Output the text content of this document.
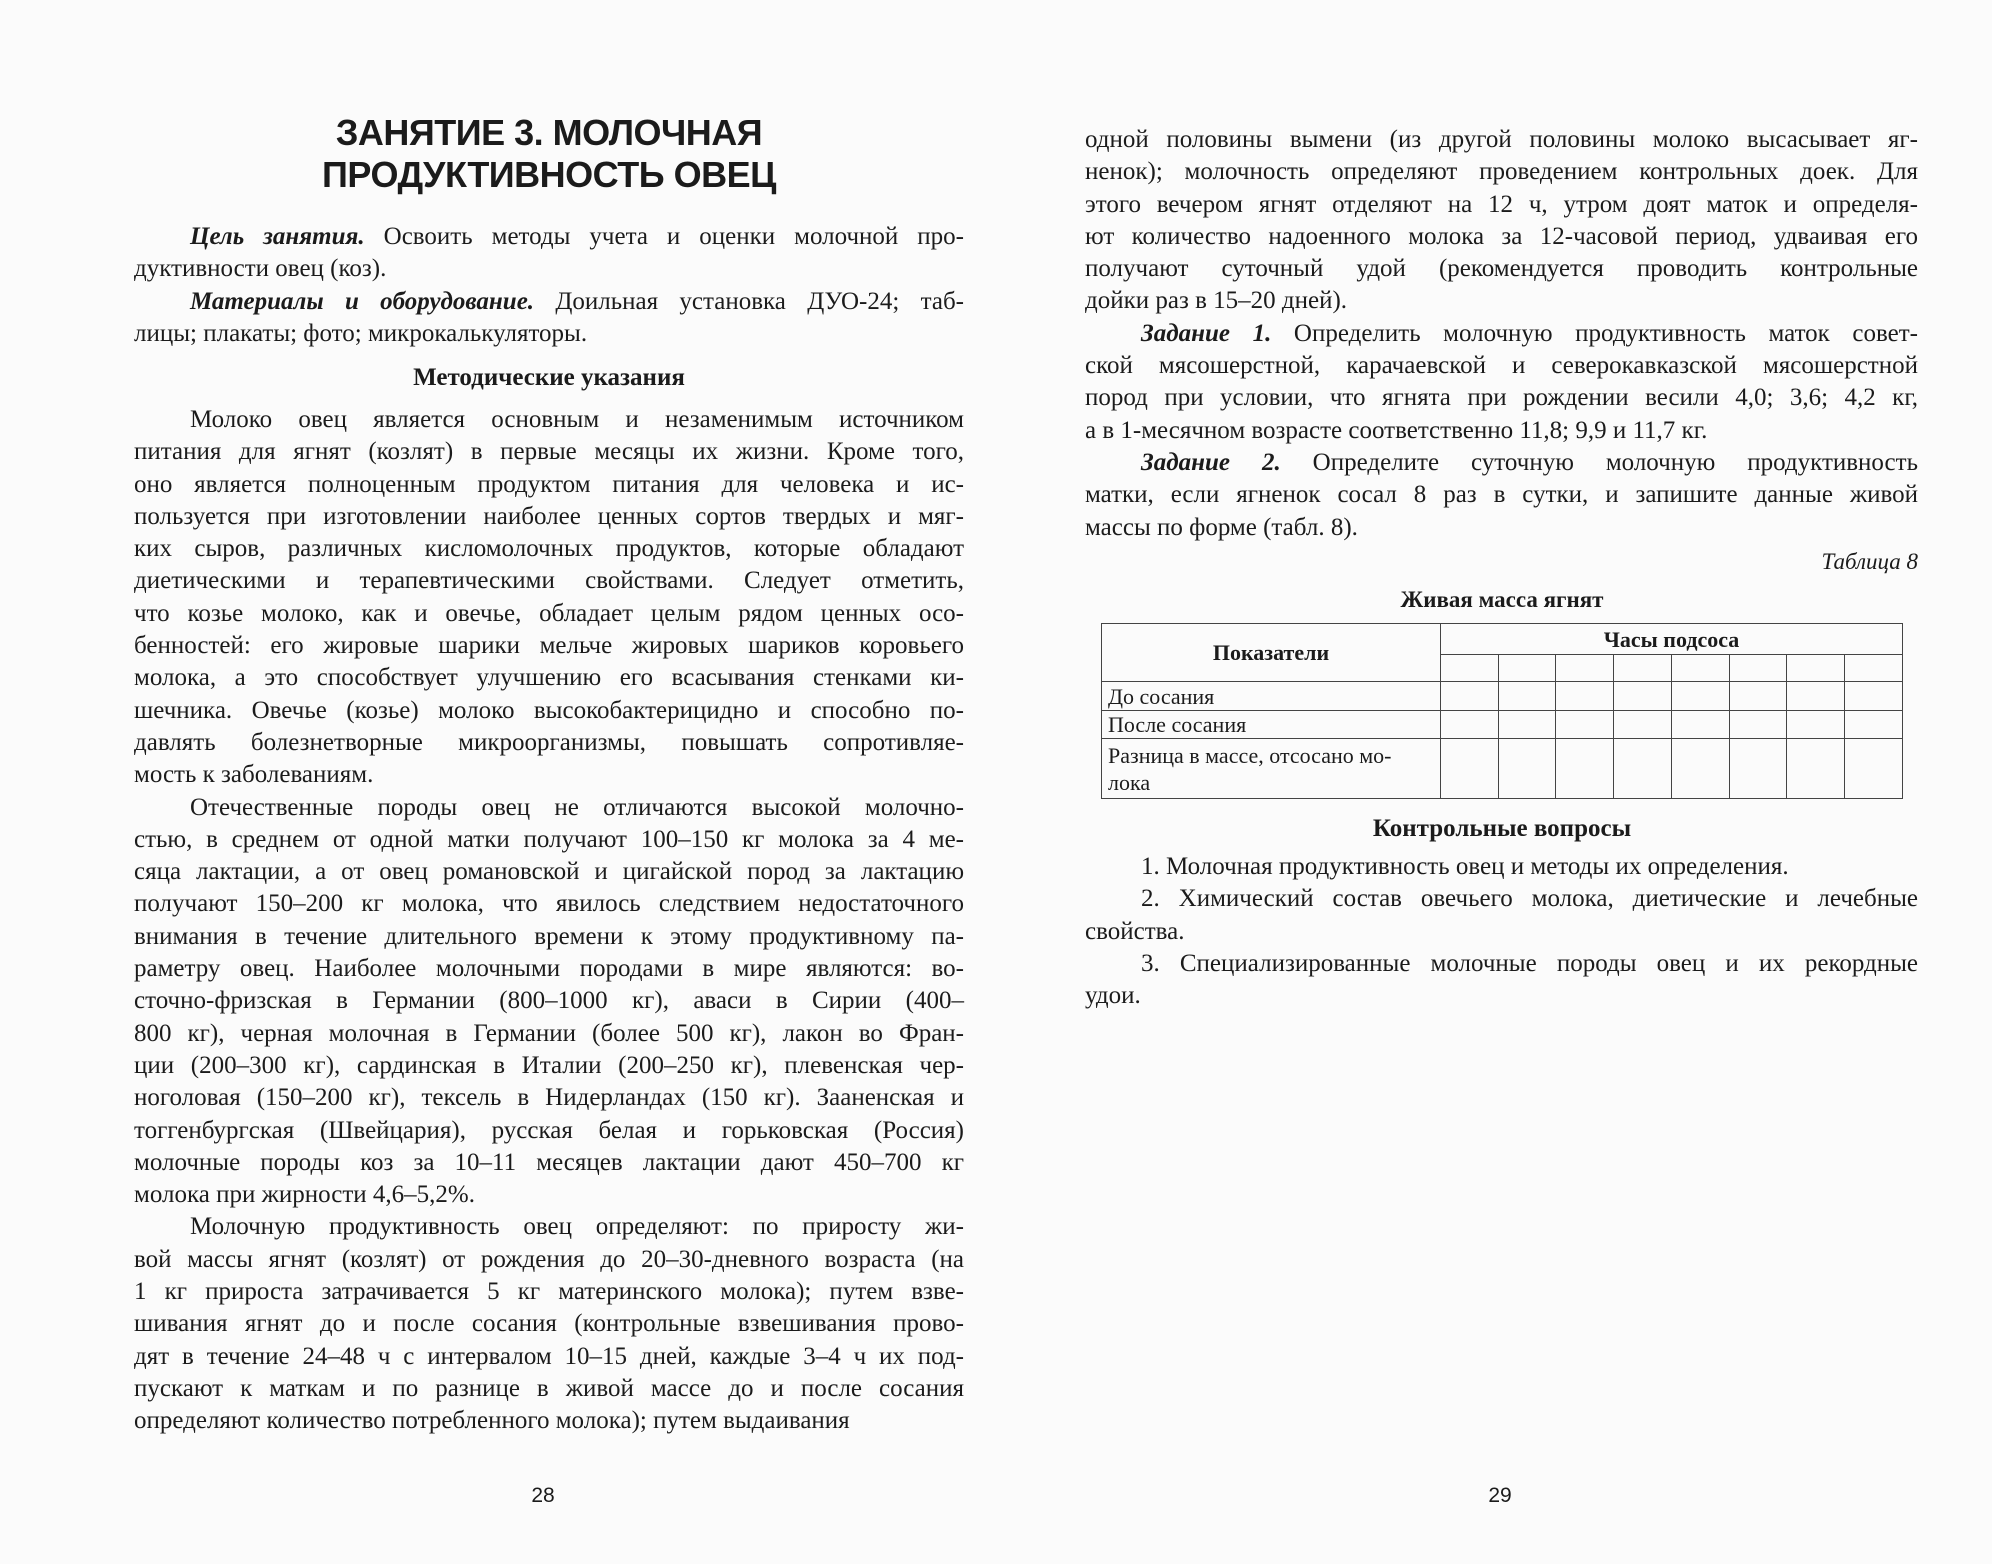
ЗАНЯТИЕ 3. МОЛОЧНАЯ
ПРОДУКТИВНОСТЬ ОВЕЦ
Цель занятия. Освоить методы учета и оценки молочной про-
дуктивности овец (коз).
Материалы и оборудование. Доильная установка ДУО-24; таб-
лицы; плакаты; фото; микрокалькуляторы.
Методические указания
Молоко овец является основным и незаменимым источником
питания для ягнят (козлят) в первые месяцы их жизни. Кроме того,
оно является полноценным продуктом питания для человека и ис-
пользуется при изготовлении наиболее ценных сортов твердых и мяг-
ких сыров, различных кисломолочных продуктов, которые обладают
диетическими и терапевтическими свойствами. Следует отметить,
что козье молоко, как и овечье, обладает целым рядом ценных осо-
бенностей: его жировые шарики мельче жировых шариков коровьего
молока, а это способствует улучшению его всасывания стенками ки-
шечника. Овечье (козье) молоко высокобактерицидно и способно по-
давлять болезнетворные микроорганизмы, повышать сопротивляе-
мость к заболеваниям.
Отечественные породы овец не отличаются высокой молочно-
стью, в среднем от одной матки получают 100–150 кг молока за 4 ме-
сяца лактации, а от овец романовской и цигайской пород за лактацию
получают 150–200 кг молока, что явилось следствием недостаточного
внимания в течение длительного времени к этому продуктивному па-
раметру овец. Наиболее молочными породами в мире являются: во-
сточно-фризская в Германии (800–1000 кг), аваси в Сирии (400–
800 кг), черная молочная в Германии (более 500 кг), лакон во Фран-
ции (200–300 кг), сардинская в Италии (200–250 кг), плевенская чер-
ноголовая (150–200 кг), тексель в Нидерландах (150 кг). Зааненская и
тоггенбургская (Швейцария), русская белая и горьковская (Россия)
молочные породы коз за 10–11 месяцев лактации дают 450–700 кг
молока при жирности 4,6–5,2%.
Молочную продуктивность овец определяют: по приросту жи-
вой массы ягнят (козлят) от рождения до 20–30-дневного возраста (на
1 кг прироста затрачивается 5 кг материнского молока); путем взве-
шивания ягнят до и после сосания (контрольные взвешивания прово-
дят в течение 24–48 ч с интервалом 10–15 дней, каждые 3–4 ч их под-
пускают к маткам и по разнице в живой массе до и после сосания
определяют количество потребленного молока); путем выдаивания
28
одной половины вымени (из другой половины молоко высасывает яг-
ненок); молочность определяют проведением контрольных доек. Для
этого вечером ягнят отделяют на 12 ч, утром доят маток и определя-
ют количество надоенного молока за 12-часовой период, удваивая его
получают суточный удой (рекомендуется проводить контрольные
дойки раз в 15–20 дней).
Задание 1. Определить молочную продуктивность маток совет-
ской мясошерстной, карачаевской и северокавказской мясошерстной
пород при условии, что ягнята при рождении весили 4,0; 3,6; 4,2 кг,
а в 1-месячном возрасте соответственно 11,8; 9,9 и 11,7 кг.
Задание 2. Определите суточную молочную продуктивность
матки, если ягненок сосал 8 раз в сутки, и запишите данные живой
массы по форме (табл. 8).
Таблица 8
Живая масса ягнят
Показатели	Часы подсоса							

До сосания								
После сосания								
Разница в массе, отсосано мо-
лока								
Контрольные вопросы
1. Молочная продуктивность овец и методы их определения.
2. Химический состав овечьего молока, диетические и лечебные
свойства.
3. Специализированные молочные породы овец и их рекордные
удои.
29
